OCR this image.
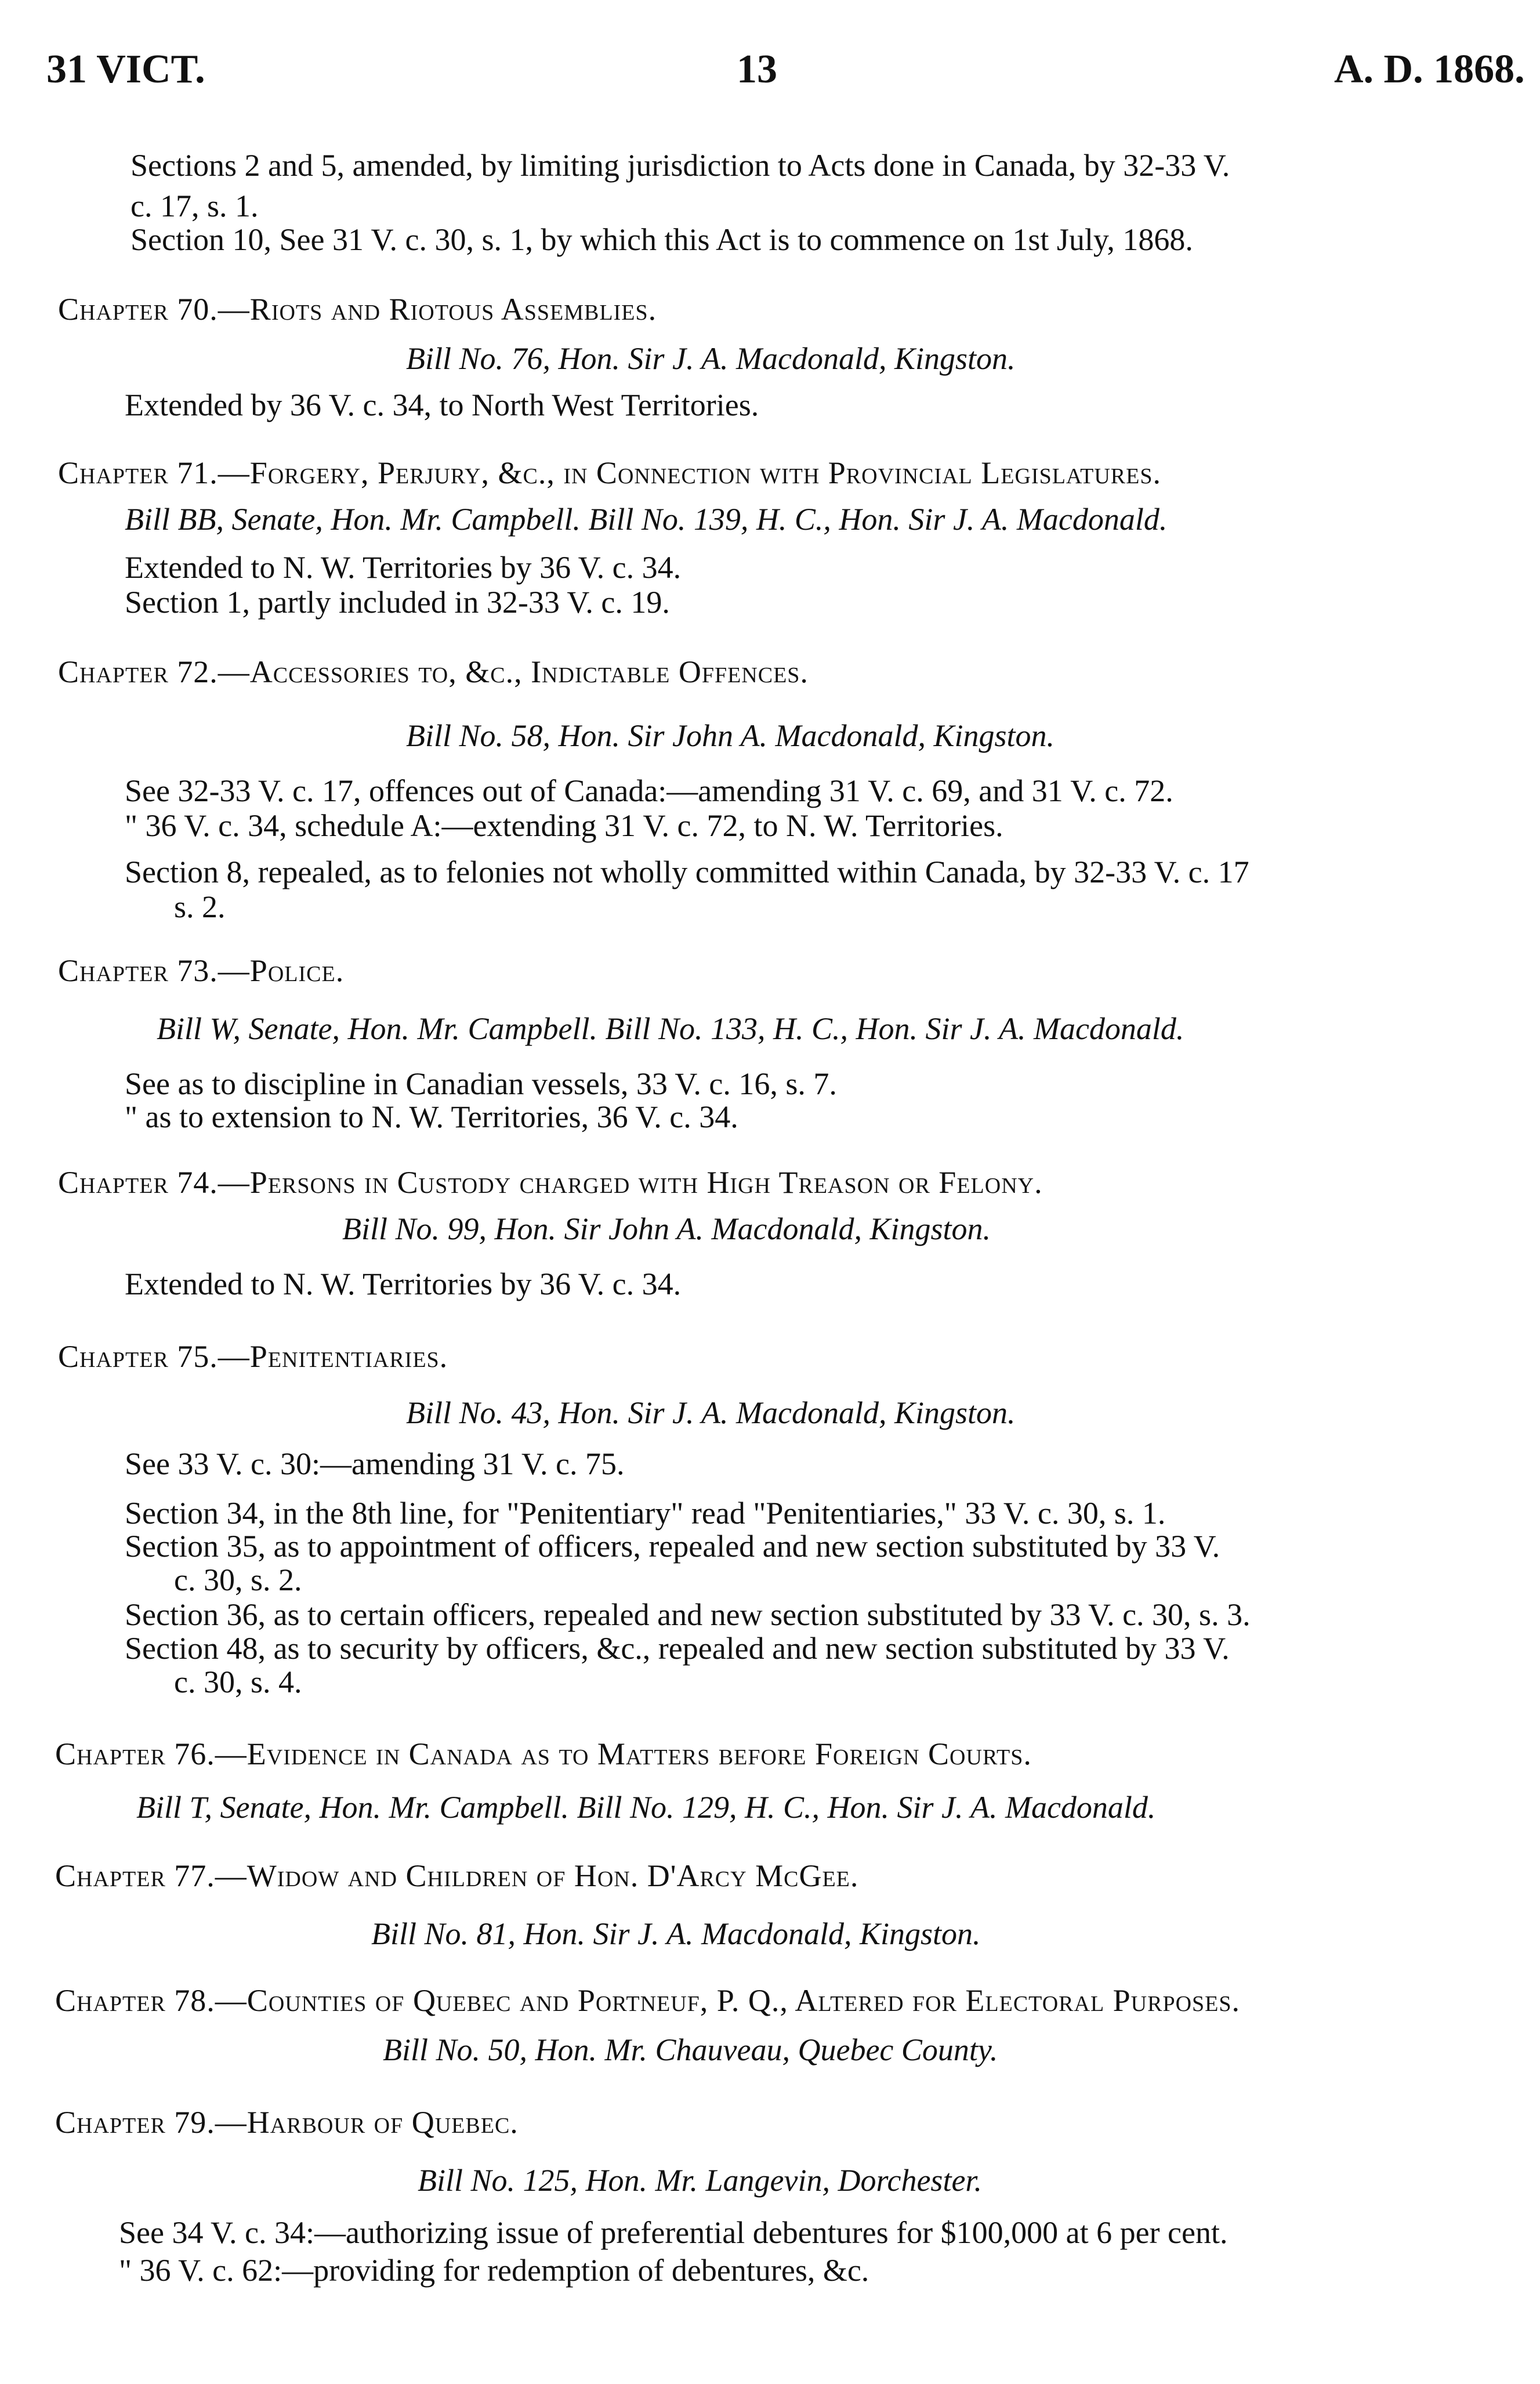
31 VICT.	13	A. D. 1868.
Sections 2 and 5, amended, by limiting jurisdiction to Acts done in Canada, by 32-33 V.
c. 17, s. 1.
Section 10, See 31 V. c. 30, s. 1, by which this Act is to commence on 1st July, 1868.
Chapter 70.—Riots and Riotous Assemblies.
Bill No. 76, Hon. Sir J. A. Macdonald, Kingston.
Extended by 36 V. c. 34, to North West Territories.
Chapter 71.—Forgery, Perjury, &c., in Connection with Provincial Legislatures.
Bill BB, Senate, Hon. Mr. Campbell. Bill No. 139, H. C., Hon. Sir J. A. Macdonald.
Extended to N. W. Territories by 36 V. c. 34.
Section 1, partly included in 32-33 V. c. 19.
Chapter 72.—Accessories to, &c., Indictable Offences.
Bill No. 58, Hon. Sir John A. Macdonald, Kingston.
See 32-33 V. c. 17, offences out of Canada:—amending 31 V. c. 69, and 31 V. c. 72.
" 36 V. c. 34, schedule A:—extending 31 V. c. 72, to N. W. Territories.
Section 8, repealed, as to felonies not wholly committed within Canada, by 32-33 V. c. 17
s. 2.
Chapter 73.—Police.
Bill W, Senate, Hon. Mr. Campbell. Bill No. 133, H. C., Hon. Sir J. A. Macdonald.
See as to discipline in Canadian vessels, 33 V. c. 16, s. 7.
" as to extension to N. W. Territories, 36 V. c. 34.
Chapter 74.—Persons in Custody charged with High Treason or Felony.
Bill No. 99, Hon. Sir John A. Macdonald, Kingston.
Extended to N. W. Territories by 36 V. c. 34.
Chapter 75.—Penitentiaries.
Bill No. 43, Hon. Sir J. A. Macdonald, Kingston.
See 33 V. c. 30:—amending 31 V. c. 75.
Section 34, in the 8th line, for "Penitentiary" read "Penitentiaries," 33 V. c. 30, s. 1.
Section 35, as to appointment of officers, repealed and new section substituted by 33 V.
c. 30, s. 2.
Section 36, as to certain officers, repealed and new section substituted by 33 V. c. 30, s. 3.
Section 48, as to security by officers, &c., repealed and new section substituted by 33 V.
c. 30, s. 4.
Chapter 76.—Evidence in Canada as to Matters before Foreign Courts.
Bill T, Senate, Hon. Mr. Campbell. Bill No. 129, H. C., Hon. Sir J. A. Macdonald.
Chapter 77.—Widow and Children of Hon. D'Arcy McGee.
Bill No. 81, Hon. Sir J. A. Macdonald, Kingston.
Chapter 78.—Counties of Quebec and Portneuf, P. Q., Altered for Electoral Purposes.
Bill No. 50, Hon. Mr. Chauveau, Quebec County.
Chapter 79.—Harbour of Quebec.
Bill No. 125, Hon. Mr. Langevin, Dorchester.
See 34 V. c. 34:—authorizing issue of preferential debentures for $100,000 at 6 per cent.
" 36 V. c. 62:—providing for redemption of debentures, &c.
